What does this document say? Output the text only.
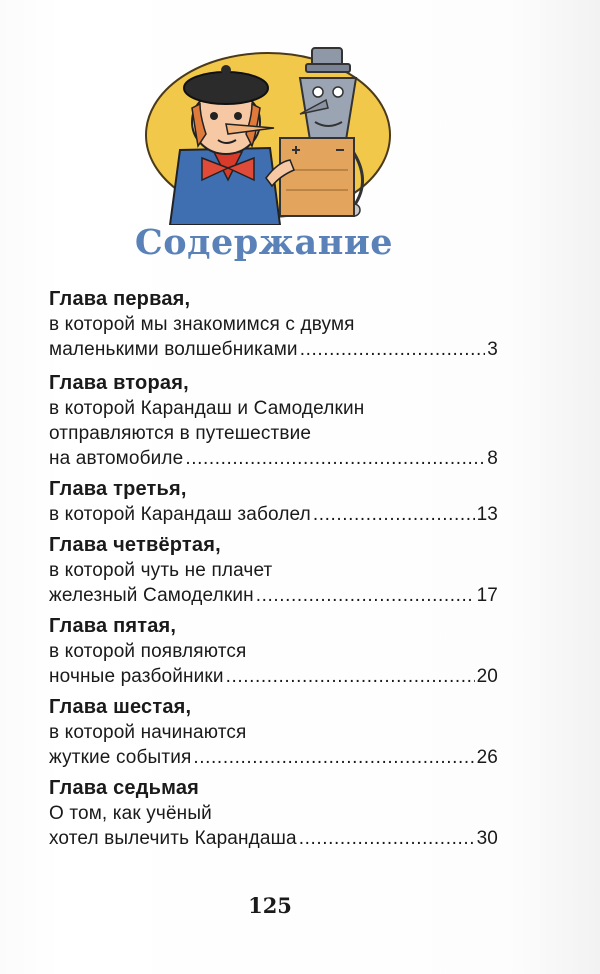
Содержание
Глава первая,
в которой мы знакомимся с двумя
маленькими волшебниками .....	3
Глава вторая,
в которой Карандаш и Самоделкин
отправляются в путешествие
на автомобиле .....	8
Глава третья,
в которой Карандаш заболел .....	13
Глава четвёртая,
в которой чуть не плачет
железный Самоделкин .....	17
Глава пятая,
в которой появляются
ночные разбойники .....	20
Глава шестая,
в которой начинаются
жуткие события .....	26
Глава седьмая
О том, как учёный
хотел вылечить Карандаша .....	30
125
